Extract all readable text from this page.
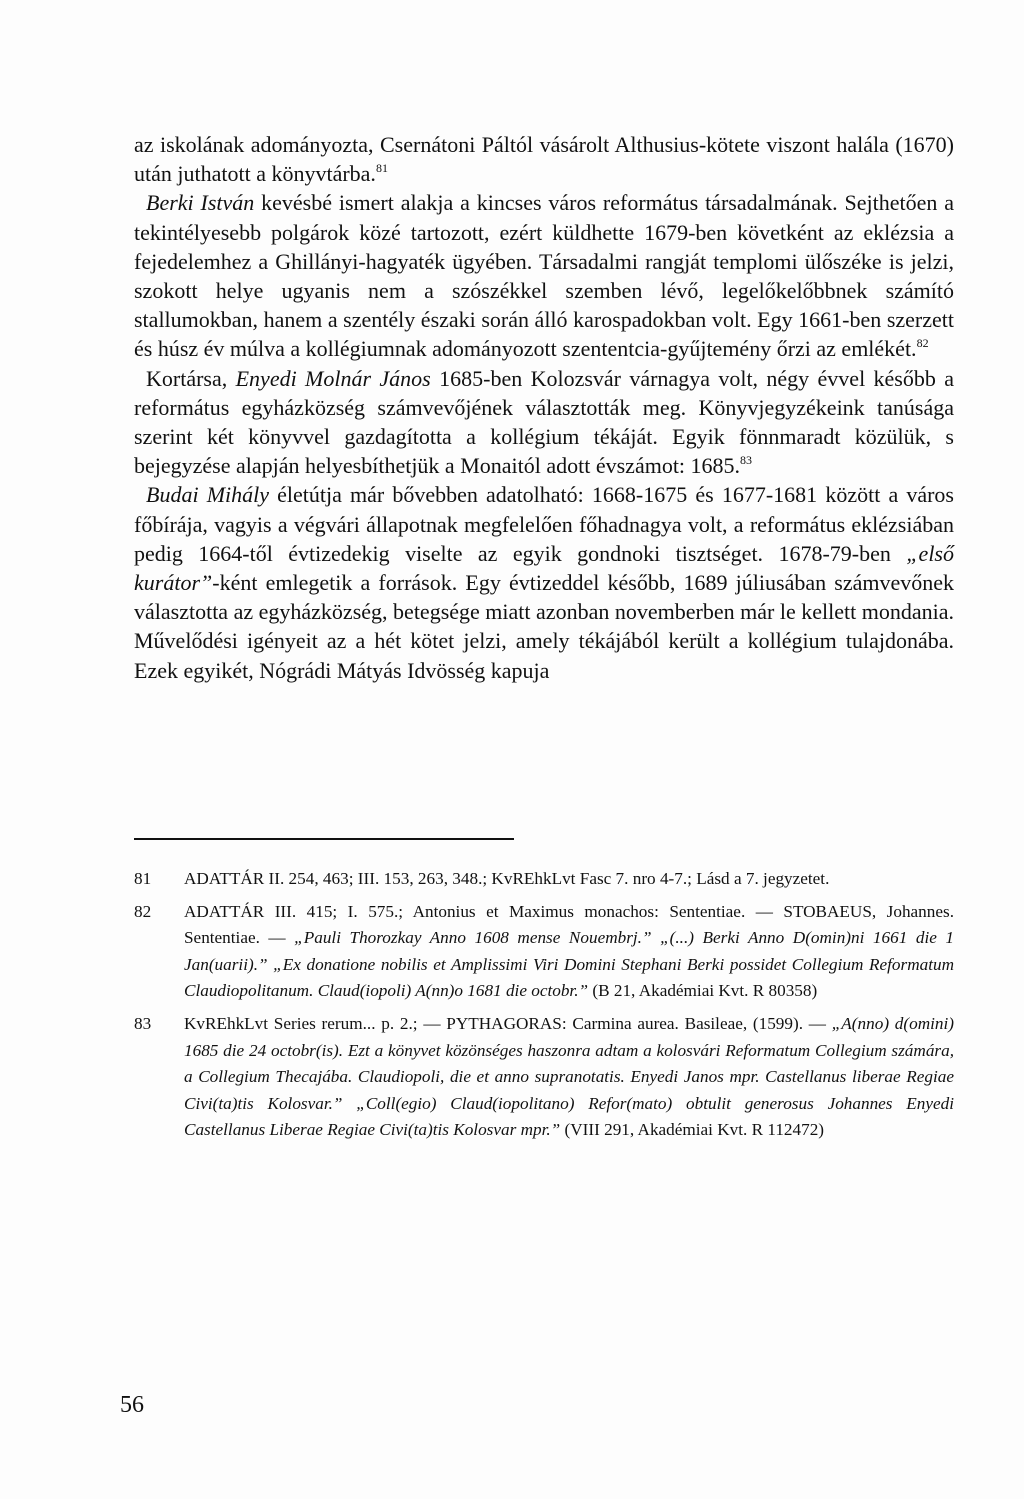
az iskolának adományozta, Csernátoni Páltól vásárolt Althusius-kötete viszont halála (1670) után juthatott a könyvtárba.$^{81}$

Berki István kevésbé ismert alakja a kincses város református társadalmának. Sejthetően a tekintélyesebb polgárok közé tartozott, ezért küldhette 1679-ben követként az eklézsia a fejedelemhez a Ghillányi-hagyaték ügyében. Társadalmi rangját templomi ülőszéke is jelzi, szokott helye ugyanis nem a szószékkel szemben lévő, legelőkelőbbnek számító stallumokban, hanem a szentély északi során álló karospadokban volt. Egy 1661-ben szerzett és húsz év múlva a kollégiumnak adományozott szententcia-gyűjtemény őrzi az emlékét.$^{82}$

Kortársa, Enyedi Molnár János 1685-ben Kolozsvár várnagya volt, négy évvel később a református egyházközség számvevőjének választották meg. Könyvjegyzékeink tanúsága szerint két könyvvel gazdagította a kollégium tékáját. Egyik fönnmaradt közülük, s bejegyzése alapján helyesbíthetjük a Monaitól adott évszámot: 1685.83

Budai Mihály életútja már bővebben adatolható: 1668-1675 és 1677-1681 között a város főbírája, vagyis a végvári állapotnak megfelelően főhadnagya volt, a református eklézsiában pedig 1664-től évtizedekig viselte az egyik gondnoki tisztséget. 1678-79-ben „első kurátor”-ként emlegetik a források. Egy évtizeddel később, 1689 júliusában számvevőnek választotta az egyházközség, betegsége miatt azonban novemberben már le kellett mondania. Művelődési igényeit az a hét kötet jelzi, amely tékájából került a kollégium tulajdonába. Ezek egyikét, Nógrádi Mátyás Idvösség kapuja

81	ADATTÁR II. 254, 463; III. 153, 263, 348.; KvREhkLvt Fasc 7. nro 4-7.; Lásd a 7. jegyzetet.
82	ADATTÁR III. 415; I. 575.; Antonius et Maximus monachos: Sententiae. — STOBAEUS, Johannes. Sententiae. — „Pauli Thorozkay Anno 1608 mense Nouembrj.” „(...) Berki Anno D(omin)ni 1661 die 1 Jan(uarii).” „Ex donatione nobilis et Amplissimi Viri Domini Stephani Berki possidet Collegium Reformatum Claudiopolitanum. Claud(iopoli) A(nn)o 1681 die octobr.” (B 21, Akadémiai Kvt. R 80358)
83	KvREhkLvt Series rerum... p. 2.; — PYTHAGORAS: Carmina aurea. Basileae, (1599). — „A(nno) d(omini) 1685 die 24 octobr(is). Ezt a könyvet közönséges haszonra adtam a kolosvári Reformatum Collegium számára, a Collegium Thecajába. Claudiopoli, die et anno supranotatis. Enyedi Janos mpr. Castellanus liberae Regiae Civi(ta)tis Kolosvar.” „Coll(egio) Claud(iopolitano) Refor(mato) obtulit generosus Johannes Enyedi Castellanus Liberae Regiae Civi(ta)tis Kolosvar mpr.” (VIII 291, Akadémiai Kvt. R 112472)
56
